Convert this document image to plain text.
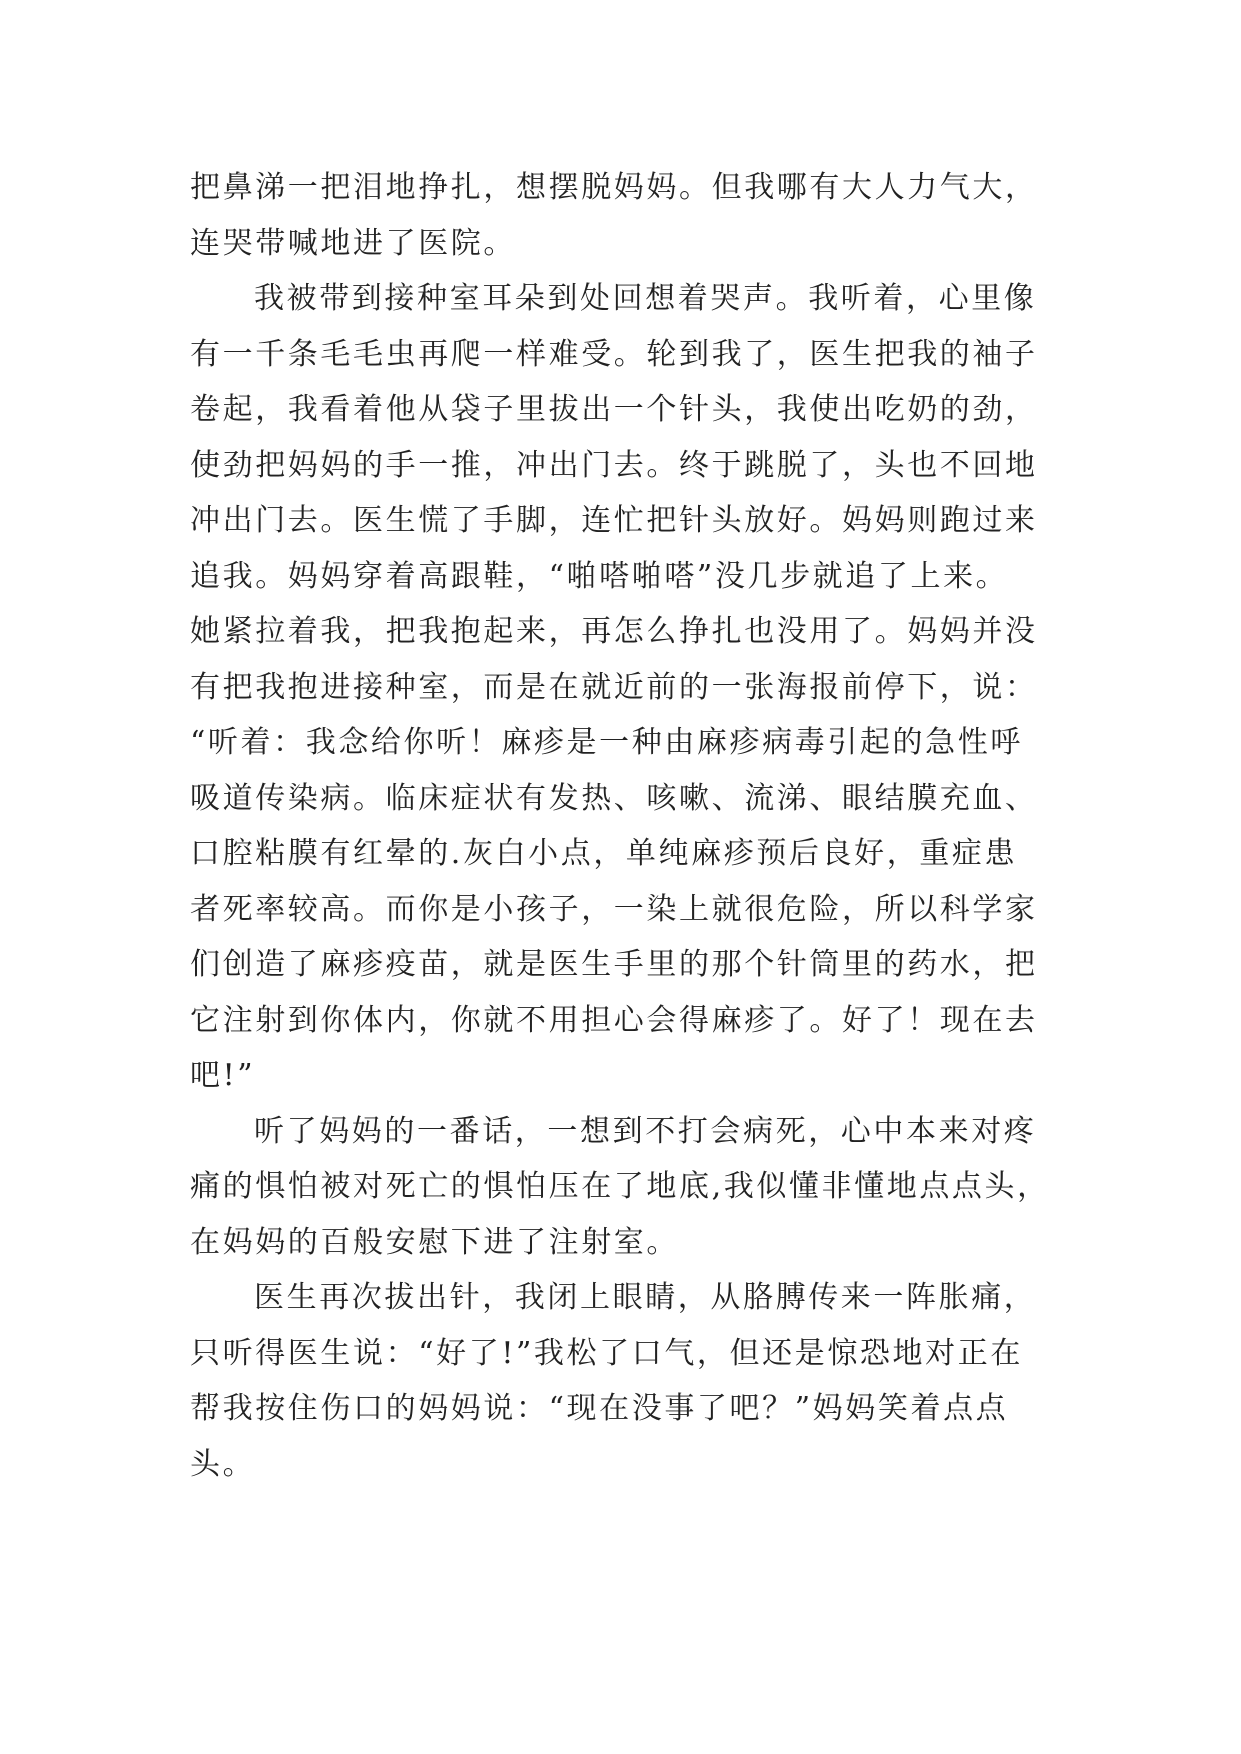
把鼻涕一把泪地挣扎，想摆脱妈妈。但我哪有大人力气大，
连哭带喊地进了医院。

我被带到接种室耳朵到处回想着哭声。我听着，心里像
有一千条毛毛虫再爬一样难受。轮到我了，医生把我的袖子
卷起，我看着他从袋子里拔出一个针头，我使出吃奶的劲，
使劲把妈妈的手一推，冲出门去。终于跳脱了，头也不回地
冲出门去。医生慌了手脚，连忙把针头放好。妈妈则跑过来
追我。妈妈穿着高跟鞋，“啪嗒啪嗒”没几步就追了上来。
她紧拉着我，把我抱起来，再怎么挣扎也没用了。妈妈并没
有把我抱进接种室，而是在就近前的一张海报前停下，说：
“听着：我念给你听！麻疹是一种由麻疹病毒引起的急性呼
吸道传染病。临床症状有发热、咳嗽、流涕、眼结膜充血、
口腔粘膜有红晕的.灰白小点，单纯麻疹预后良好，重症患
者死率较高。而你是小孩子，一染上就很危险，所以科学家
们创造了麻疹疫苗，就是医生手里的那个针筒里的药水，把
它注射到你体内，你就不用担心会得麻疹了。好了！现在去
吧!”

听了妈妈的一番话，一想到不打会病死，心中本来对疼
痛的惧怕被对死亡的惧怕压在了地底,我似懂非懂地点点头，
在妈妈的百般安慰下进了注射室。

医生再次拔出针，我闭上眼睛，从胳膊传来一阵胀痛，
只听得医生说：“好了!”我松了口气，但还是惊恐地对正在
帮我按住伤口的妈妈说：“现在没事了吧？”妈妈笑着点点
头。
